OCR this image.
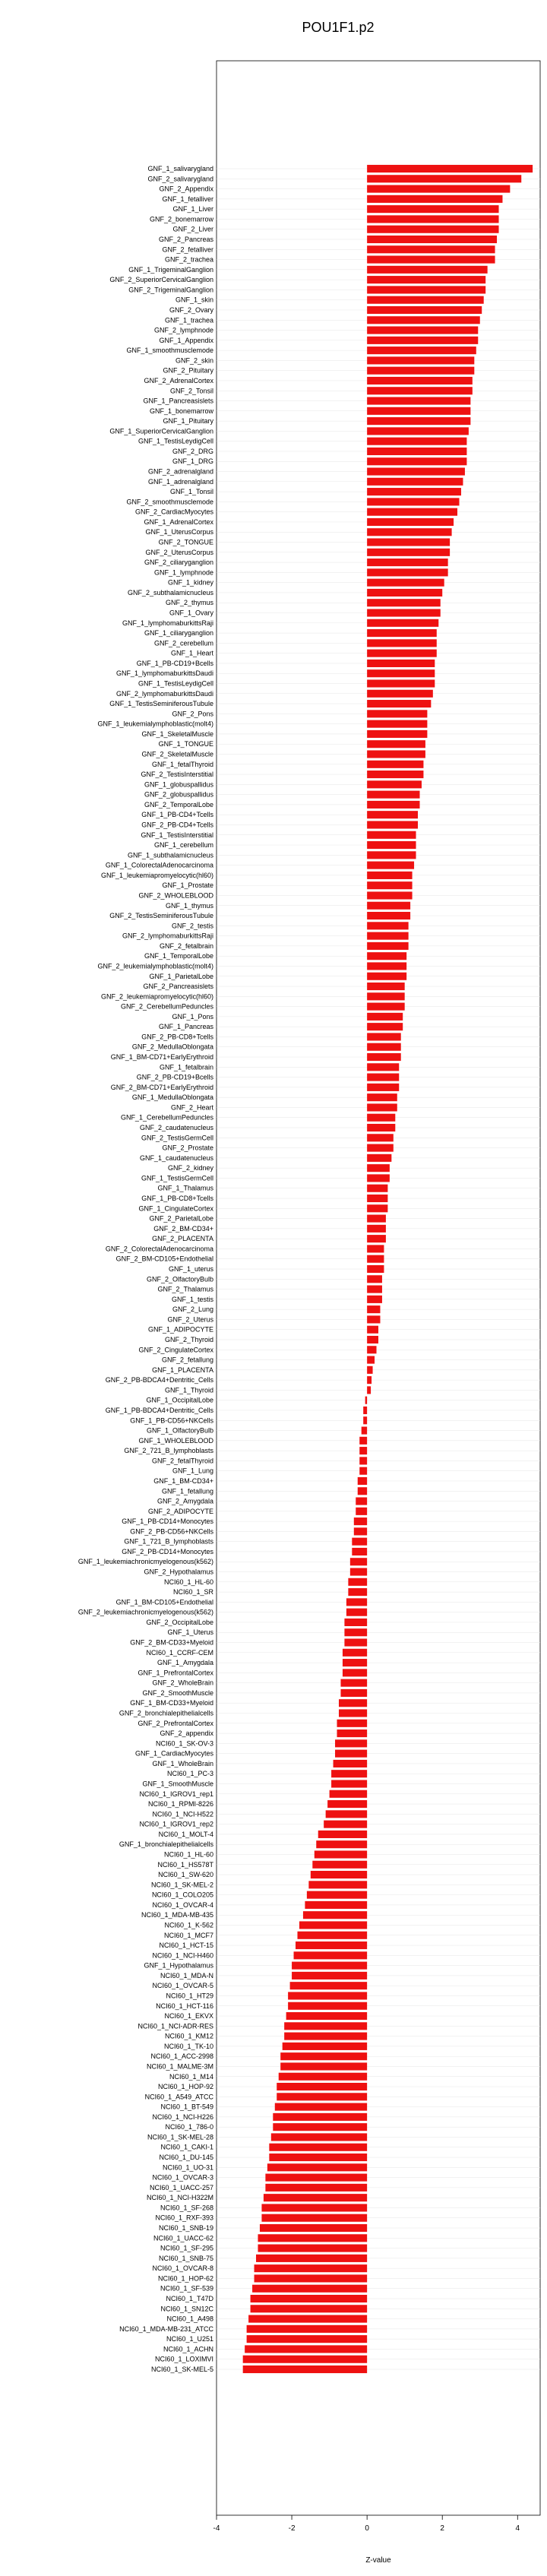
POU1F1.p2
GNF_1_salivarygland
GNF_2_salivarygland
GNF_2_Appendix
GNF_1_fetalliver
GNF_1_Liver
GNF_2_bonemarrow
GNF_2_Liver
GNF_2_Pancreas
GNF_2_fetalliver
GNF_2_trachea
GNF_1_TrigeminalGanglion
GNF_2_SuperiorCervicalGanglion
GNF_2_TrigeminalGanglion
GNF_1_skin
GNF_2_Ovary
GNF_1_trachea
GNF_2_lymphnode
GNF_1_Appendix
GNF_1_smoothmusclemode
GNF_2_skin
GNF_2_Pituitary
GNF_2_AdrenalCortex
GNF_2_Tonsil
GNF_1_Pancreasislets
GNF_1_bonemarrow
GNF_1_Pituitary
GNF_1_SuperiorCervicalGanglion
GNF_1_TestisLeydigCell
GNF_2_DRG
GNF_1_DRG
GNF_2_adrenalgland
GNF_1_adrenalgland
GNF_1_Tonsil
GNF_2_smoothmusclemode
GNF_2_CardiacMyocytes
GNF_1_AdrenalCortex
GNF_1_UterusCorpus
GNF_2_TONGUE
GNF_2_UterusCorpus
GNF_2_ciliaryganglion
GNF_1_lymphnode
GNF_1_kidney
GNF_2_subthalamicnucleus
GNF_2_thymus
GNF_1_Ovary
GNF_1_lymphomaburkittsRaji
GNF_1_ciliaryganglion
GNF_2_cerebellum
GNF_1_Heart
GNF_1_PB-CD19+Bcells
GNF_1_lymphomaburkittsDaudi
GNF_1_TestisLeydigCell
GNF_2_lymphomaburkittsDaudi
GNF_1_TestisSeminiferousTubule
GNF_2_Pons
GNF_1_leukemialymphoblastic(molt4)
GNF_1_SkeletalMuscle
GNF_1_TONGUE
GNF_2_SkeletalMuscle
GNF_1_fetalThyroid
GNF_2_TestisInterstitial
GNF_1_globuspallidus
GNF_2_globuspallidus
GNF_2_TemporalLobe
GNF_1_PB-CD4+Tcells
GNF_2_PB-CD4+Tcells
GNF_1_TestisInterstitial
GNF_1_cerebellum
GNF_1_subthalamicnucleus
GNF_1_ColorectalAdenocarcinoma
GNF_1_leukemiapromyelocytic(hl60)
GNF_1_Prostate
GNF_2_WHOLEBLOOD
GNF_1_thymus
GNF_2_TestisSeminiferousTubule
GNF_2_testis
GNF_2_lymphomaburkittsRaji
GNF_2_fetalbrain
GNF_1_TemporalLobe
GNF_2_leukemialymphoblastic(molt4)
GNF_1_ParietalLobe
GNF_2_Pancreasislets
GNF_2_leukemiapromyelocytic(hl60)
GNF_2_CerebellumPeduncles
GNF_1_Pons
GNF_1_Pancreas
GNF_2_PB-CD8+Tcells
GNF_2_MedullaOblongata
GNF_1_BM-CD71+EarlyErythroid
GNF_1_fetalbrain
GNF_2_PB-CD19+Bcells
GNF_2_BM-CD71+EarlyErythroid
GNF_1_MedullaOblongata
GNF_2_Heart
GNF_1_CerebellumPeduncles
GNF_2_caudatenucleus
GNF_2_TestisGermCell
GNF_2_Prostate
GNF_1_caudatenucleus
GNF_2_kidney
GNF_1_TestisGermCell
GNF_1_Thalamus
GNF_1_PB-CD8+Tcells
GNF_1_CingulateCortex
GNF_2_ParietalLobe
GNF_2_BM-CD34+
GNF_2_PLACENTA
GNF_2_ColorectalAdenocarcinoma
GNF_2_BM-CD105+Endothelial
GNF_1_uterus
GNF_2_OlfactoryBulb
GNF_2_Thalamus
GNF_1_testis
GNF_2_Lung
GNF_2_Uterus
GNF_1_ADIPOCYTE
GNF_2_Thyroid
GNF_2_CingulateCortex
GNF_2_fetallung
GNF_1_PLACENTA
GNF_2_PB-BDCA4+Dentritic_Cells
GNF_1_Thyroid
GNF_1_OccipitalLobe
GNF_1_PB-BDCA4+Dentritic_Cells
GNF_1_PB-CD56+NKCells
GNF_1_OlfactoryBulb
GNF_1_WHOLEBLOOD
GNF_2_721_B_lymphoblasts
GNF_2_fetalThyroid
GNF_1_Lung
GNF_1_BM-CD34+
GNF_1_fetallung
GNF_2_Amygdala
GNF_2_ADIPOCYTE
GNF_1_PB-CD14+Monocytes
GNF_2_PB-CD56+NKCells
GNF_1_721_B_lymphoblasts
GNF_2_PB-CD14+Monocytes
GNF_1_leukemiachronicmyelogenous(k562)
GNF_2_Hypothalamus
NCI60_1_HL-60
NCI60_1_SR
GNF_1_BM-CD105+Endothelial
GNF_2_leukemiachronicmyelogenous(k562)
GNF_2_OccipitalLobe
GNF_1_Uterus
GNF_2_BM-CD33+Myeloid
NCI60_1_CCRF-CEM
GNF_1_Amygdala
GNF_1_PrefrontalCortex
GNF_2_WholeBrain
GNF_2_SmoothMuscle
GNF_1_BM-CD33+Myeloid
GNF_2_bronchialepithelialcells
GNF_2_PrefrontalCortex
GNF_2_appendix
NCI60_1_SK-OV-3
GNF_1_CardiacMyocytes
GNF_1_WholeBrain
NCI60_1_PC-3
GNF_1_SmoothMuscle
NCI60_1_IGROV1_rep1
NCI60_1_RPMI-8226
NCI60_1_NCI-H522
NCI60_1_IGROV1_rep2
NCI60_1_MOLT-4
GNF_1_bronchialepithelialcells
NCI60_1_HL-60
NCI60_1_HS578T
NCI60_1_SW-620
NCI60_1_SK-MEL-2
NCI60_1_COLO205
NCI60_1_OVCAR-4
NCI60_1_MDA-MB-435
NCI60_1_K-562
NCI60_1_MCF7
NCI60_1_HCT-15
NCI60_1_NCI-H460
GNF_1_Hypothalamus
NCI60_1_MDA-N
NCI60_1_OVCAR-5
NCI60_1_HT29
NCI60_1_HCT-116
NCI60_1_EKVX
NCI60_1_NCI-ADR-RES
NCI60_1_KM12
NCI60_1_TK-10
NCI60_1_ACC-2998
NCI60_1_MALME-3M
NCI60_1_M14
NCI60_1_HOP-92
NCI60_1_A549_ATCC
NCI60_1_BT-549
NCI60_1_NCI-H226
NCI60_1_786-0
NCI60_1_SK-MEL-28
NCI60_1_CAKI-1
NCI60_1_DU-145
NCI60_1_UO-31
NCI60_1_OVCAR-3
NCI60_1_UACC-257
NCI60_1_NCI-H322M
NCI60_1_SF-268
NCI60_1_RXF-393
NCI60_1_SNB-19
NCI60_1_UACC-62
NCI60_1_SF-295
NCI60_1_SNB-75
NCI60_1_OVCAR-8
NCI60_1_HOP-62
NCI60_1_SF-539
NCI60_1_T47D
NCI60_1_SN12C
NCI60_1_A498
NCI60_1_MDA-MB-231_ATCC
NCI60_1_U251
NCI60_1_ACHN
NCI60_1_LOXIMVI
NCI60_1_SK-MEL-5
-4	-2	0	2	4
Z-value
